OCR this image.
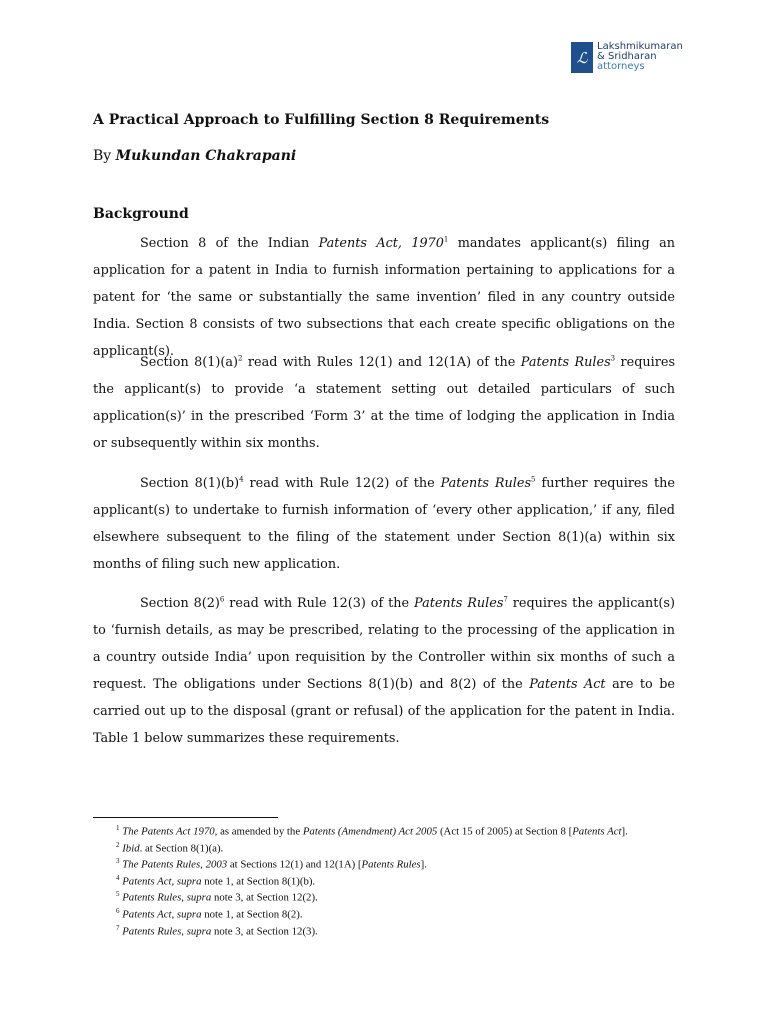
ℒ
Lakshmikumaran
& Sridharan
attorneys
A Practical Approach to Fulfilling Section 8 Requirements
By Mukundan Chakrapani
Background

Section 8 of the Indian Patents Act, 1970$^1$ mandates applicant(s) filing an application for a patent in India to furnish information pertaining to applications for a patent for ‘the same or substantially the same invention’ filed in any country outside India. Section 8 consists of two subsections that each create specific obligations on the applicant(s).

Section $8(1)(a)^2$ read with Rules 12(1) and 12(1A) of the Patents Rules$^3$ requires the applicant(s) to provide ‘a statement setting out detailed particulars of such application(s)’ in the prescribed ‘Form 3’ at the time of lodging the application in India or subsequently within six months.

Section $8(1)(b)^4$ read with Rule 12(2) of the Patents Rules$^5$ further requires the applicant(s) to undertake to furnish information of ‘every other application,’ if any, filed elsewhere subsequent to the filing of the statement under Section 8(1)(a) within six months of filing such new application.

Section $8(2)^6$ read with Rule 12(3) of the Patents Rules$^7$ requires the applicant(s) to ‘furnish details, as may be prescribed, relating to the processing of the application in a country outside India’ upon requisition by the Controller within six months of such a request. The obligations under Sections 8(1)(b) and 8(2) of the Patents Act are to be carried out up to the disposal (grant or refusal) of the application for the patent in India. Table 1 below summarizes these requirements.

$^1$ The Patents Act 1970, as amended by the Patents (Amendment) Act 2005 (Act 15 of 2005) at Section 8 [Patents Act].
$^2$ Ibid. at Section 8(1)(a).
$^3$ The Patents Rules, 2003 at Sections 12(1) and 12(1A) [Patents Rules].
$^4$ Patents Act, supra note 1, at Section 8(1)(b).
$^5$ Patents Rules, supra note 3, at Section 12(2).
$^6$ Patents Act, supra note 1, at Section 8(2).
$^7$ Patents Rules, supra note 3, at Section 12(3).
